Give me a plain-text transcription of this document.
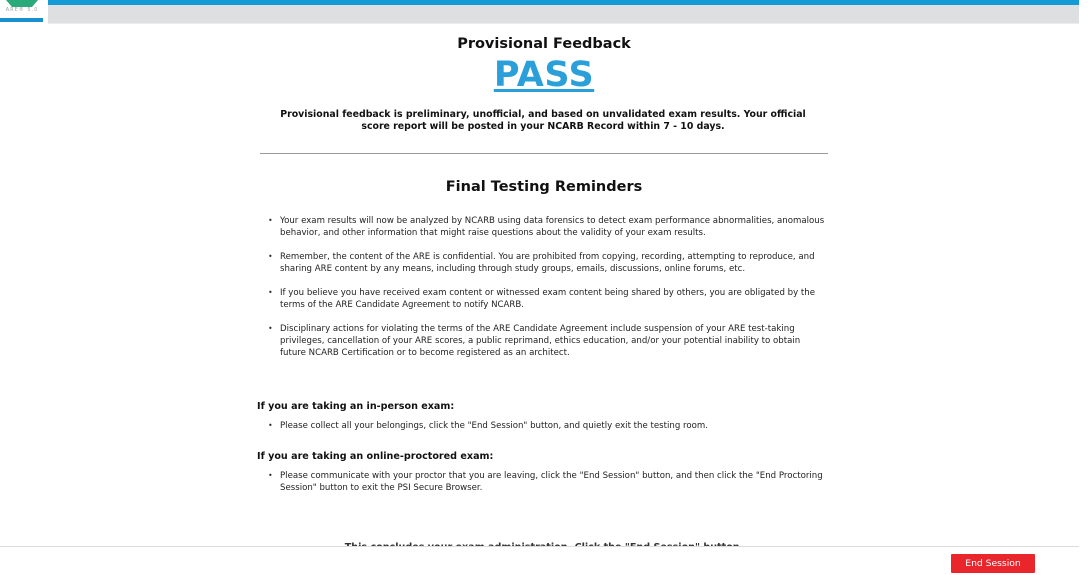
ARE® 5.0
Provisional Feedback
PASS
Provisional feedback is preliminary, unofficial, and based on unvalidated exam results. Your official score report will be posted in your NCARB Record within 7 - 10 days.
Final Testing Reminders
• Your exam results will now be analyzed by NCARB using data forensics to detect exam performance abnormalities, anomalous behavior, and other information that might raise questions about the validity of your exam results.
• Remember, the content of the ARE is confidential. You are prohibited from copying, recording, attempting to reproduce, and sharing ARE content by any means, including through study groups, emails, discussions, online forums, etc.
• If you believe you have received exam content or witnessed exam content being shared by others, you are obligated by the terms of the ARE Candidate Agreement to notify NCARB.
• Disciplinary actions for violating the terms of the ARE Candidate Agreement include suspension of your ARE test-taking privileges, cancellation of your ARE scores, a public reprimand, ethics education, and/or your potential inability to obtain future NCARB Certification or to become registered as an architect.
If you are taking an in-person exam:
• Please collect all your belongings, click the "End Session" button, and quietly exit the testing room.
If you are taking an online-proctored exam:
• Please communicate with your proctor that you are leaving, click the "End Session" button, and then click the "End Proctoring Session" button to exit the PSI Secure Browser.
End Session
